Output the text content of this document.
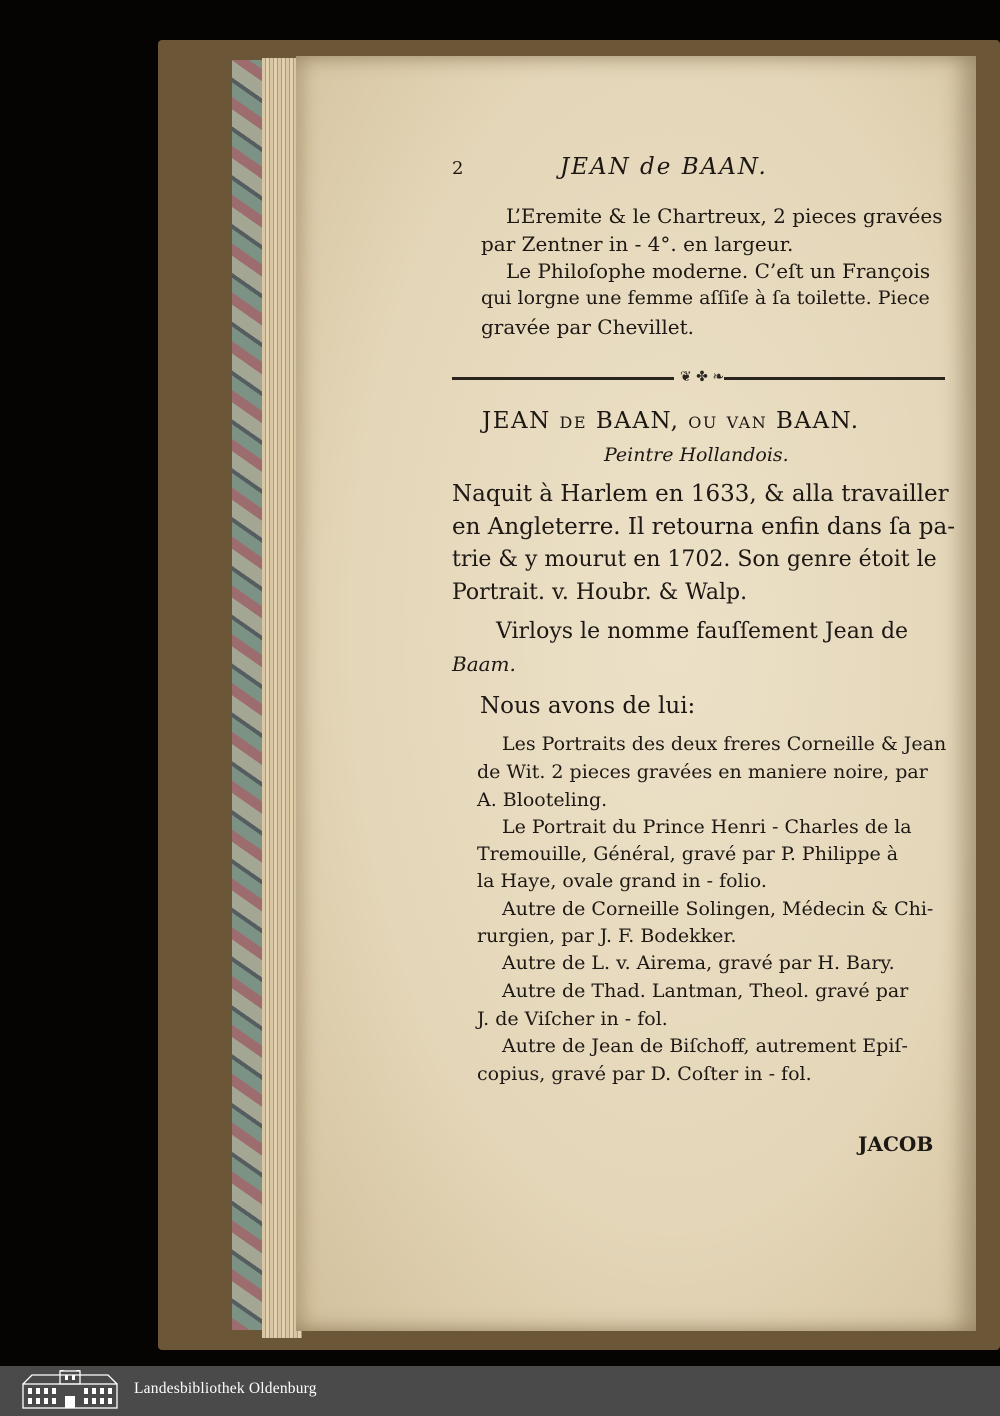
2	JEAN de BAAN.
L’Eremite & le Chartreux, 2 pieces gravées
par Zentner in - 4°. en largeur.
Le Philoſophe moderne. C’eſt un François
qui lorgne une femme aſſiſe à ſa toilette. Piece
gravée par Chevillet.
❦ ✤ ❧
JEAN de BAAN, ou van BAAN.
Peintre Hollandois.
Naquit à Harlem en 1633, & alla travailler
en Angleterre. Il retourna enfin dans ſa pa-
trie & y mourut en 1702. Son genre étoit le
Portrait. v. Houbr. & Walp.
Virloys le nomme fauſſement Jean de
Baam.
Nous avons de lui:
Les Portraits des deux freres Corneille & Jean
de Wit. 2 pieces gravées en maniere noire, par
A. Blooteling.
Le Portrait du Prince Henri - Charles de la
Tremouille, Général, gravé par P. Philippe à
la Haye, ovale grand in - folio.
Autre de Corneille Solingen, Médecin & Chi-
rurgien, par J. F. Bodekker.
Autre de L. v. Airema, gravé par H. Bary.
Autre de Thad. Lantman, Theol. gravé par
J. de Viſcher in - fol.
Autre de Jean de Biſchoff, autrement Epiſ-
copius, gravé par D. Coſter in - fol.
JACOB
Landesbibliothek Oldenburg
